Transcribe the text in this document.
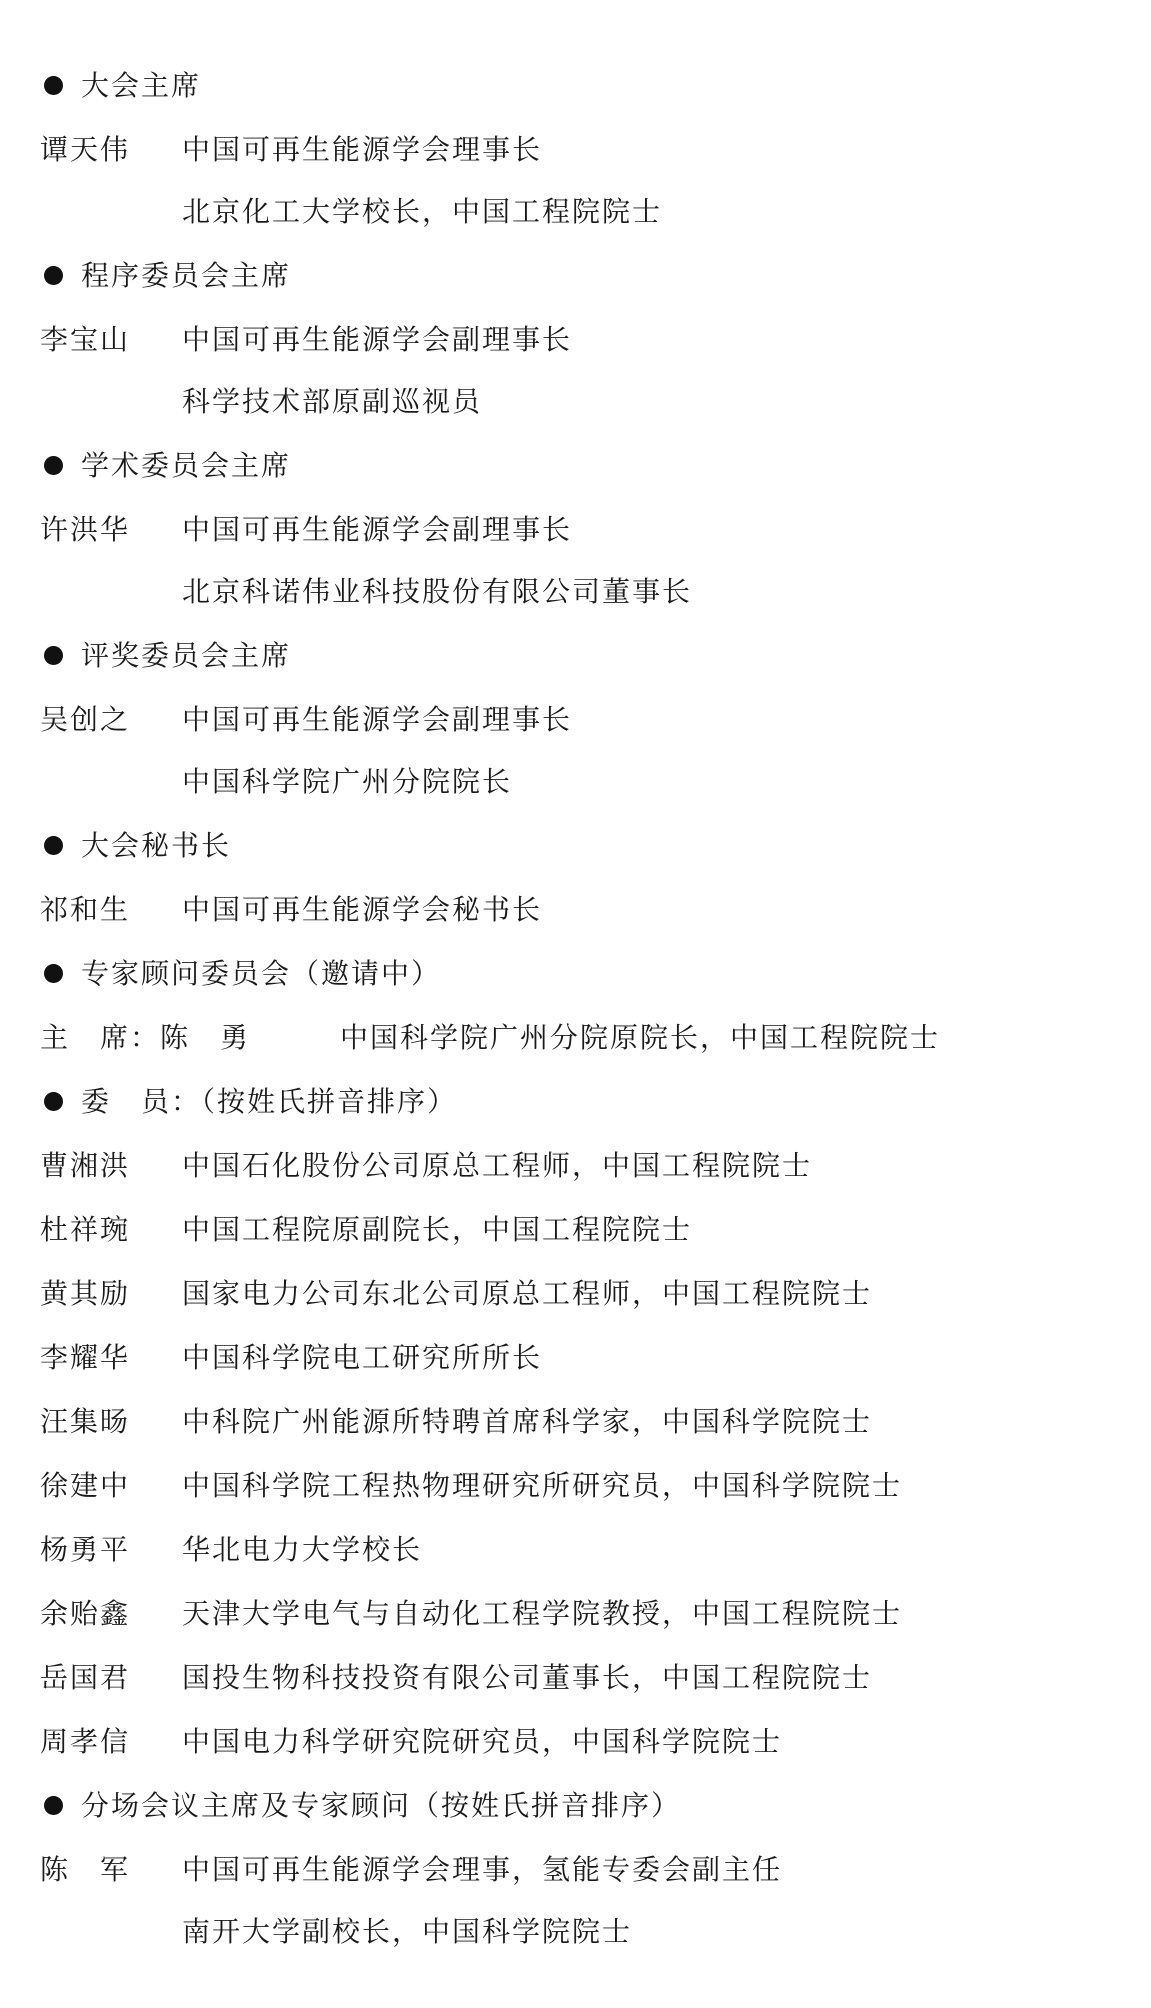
大会主席
谭天伟 中国可再生能源学会理事长
北京化工大学校长，中国工程院院士
程序委员会主席
李宝山 中国可再生能源学会副理事长
科学技术部原副巡视员
学术委员会主席
许洪华 中国可再生能源学会副理事长
北京科诺伟业科技股份有限公司董事长
评奖委员会主席
吴创之 中国可再生能源学会副理事长
中国科学院广州分院院长
大会秘书长
祁和生 中国可再生能源学会秘书长
专家顾问委员会（邀请中）
主　席：陈　勇	中国科学院广州分院原院长，中国工程院院士
委　员：（按姓氏拼音排序）
曹湘洪 中国石化股份公司原总工程师，中国工程院院士
杜祥琬 中国工程院原副院长，中国工程院院士
黄其励 国家电力公司东北公司原总工程师，中国工程院院士
李耀华 中国科学院电工研究所所长
汪集旸 中科院广州能源所特聘首席科学家，中国科学院院士
徐建中 中国科学院工程热物理研究所研究员，中国科学院院士
杨勇平 华北电力大学校长
余贻鑫 天津大学电气与自动化工程学院教授，中国工程院院士
岳国君 国投生物科技投资有限公司董事长，中国工程院院士
周孝信 中国电力科学研究院研究员，中国科学院院士
分场会议主席及专家顾问（按姓氏拼音排序）
陈　军 中国可再生能源学会理事，氢能专委会副主任
南开大学副校长，中国科学院院士
